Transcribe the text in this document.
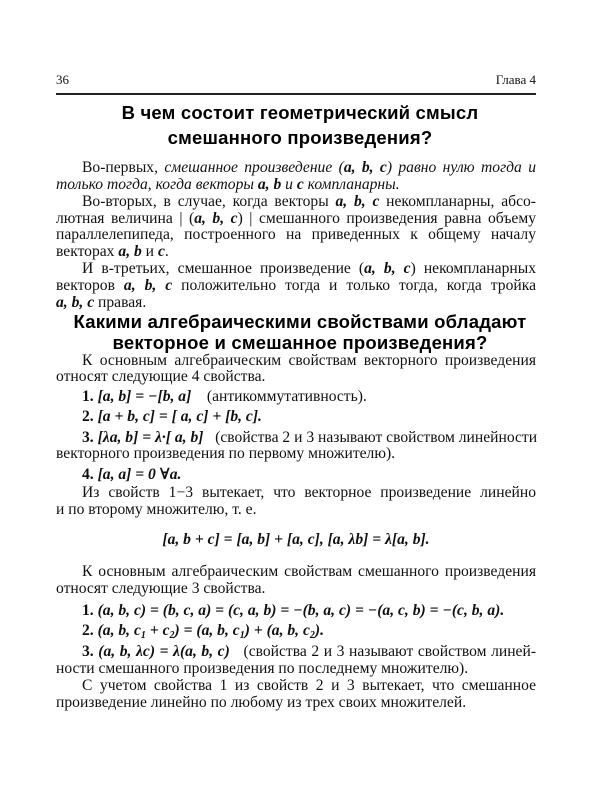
36	Глава 4
В чем состоит геометрический смысл
смешанного произведения?
Во-первых, смешанное произведение (a, b, c) равно нулю тогда и
только тогда, когда векторы a, b и c компланарны.
Во-вторых, в случае, когда векторы a, b, c некомпланарны, абсо-
лютная величина | (a, b, c) | смешанного произведения равна объему
параллелепипеда, построенного на приведенных к общему началу
векторах a, b и c.
И в-третьих, смешанное произведение (a, b, c) некомпланарных
векторов a, b, c положительно тогда и только тогда, когда тройка
a, b, c правая.
Какими алгебраическими свойствами обладают
векторное и смешанное произведения?
К основным алгебраическим свойствам векторного произведения
относят следующие 4 свойства.
1. [a, b] = −[b, a] (антикоммутативность).
2. [a + b, c] = [ a, c] + [b, c].
3. [λa, b] = λ·[ a, b] (свойства 2 и 3 называют свойством линейности
векторного произведения по первому множителю).
4. [a, a] = 0 ∀a.
Из свойств 1−3 вытекает, что векторное произведение линейно
и по второму множителю, т. е.
[a, b + c] = [a, b] + [a, c], [a, λb] = λ[a, b].
К основным алгебраическим свойствам смешанного произведения
относят следующие 3 свойства.
1. (a, b, c) = (b, c, a) = (c, a, b) = −(b, a, c) = −(a, c, b) = −(c, b, a).
2. (a, b, $c_1 + c_2) = (a$, b, $c_1) + (a$, b, $c_2$).
3. (a, b, λc) = λ(a, b, c) (свойства 2 и 3 называют свойством линей-
ности смешанного произведения по последнему множителю).
С учетом свойства 1 из свойств 2 и 3 вытекает, что смешанное
произведение линейно по любому из трех своих множителей.
